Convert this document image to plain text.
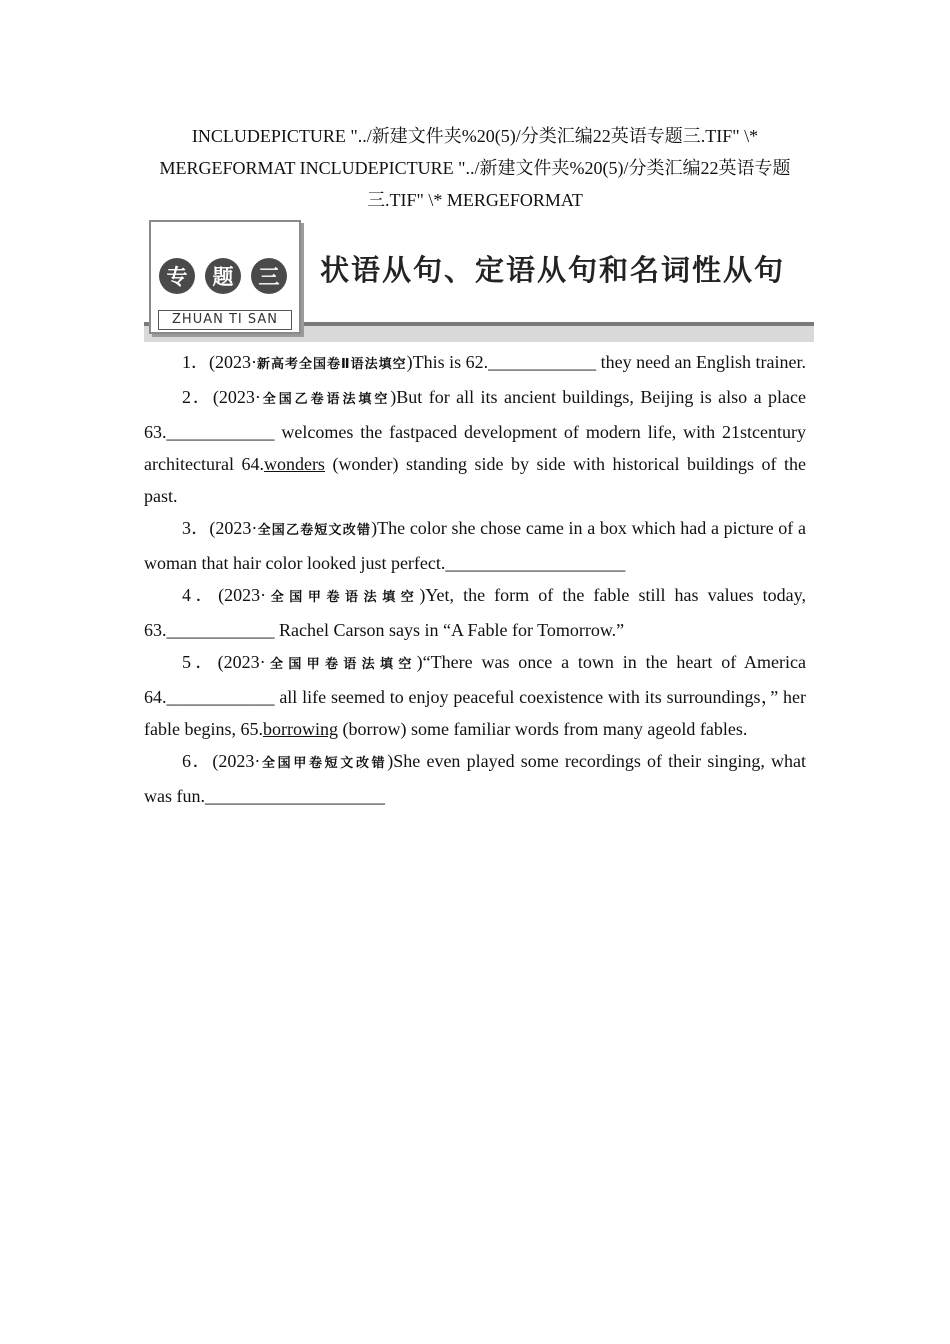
INCLUDEPICTURE "../新建文件夹%20(5)/分类汇编22英语专题三.TIF" \* MERGEFORMAT INCLUDEPICTURE "../新建文件夹%20(5)/分类汇编22英语专题三.TIF" \* MERGEFORMAT
专	题	三
ZHUAN TI SAN
状语从句、定语从句和名词性从句

1．(2023·新高考全国卷Ⅱ语法填空)This is 62.____________ they need an English trainer.

2．(2023·全国乙卷语法填空)But for all its ancient buildings, Beijing is also a place 63.____________ welcomes the fastpaced development of modern life, with 21stcentury architectural 64.wonders (wonder) standing side by side with historical buildings of the past.

3．(2023·全国乙卷短文改错)The color she chose came in a box which had a picture of a woman that hair color looked just perfect.____________________

4．(2023·全国甲卷语法填空)Yet, the form of the fable still has values today, 63.____________ Rachel Carson says in “A Fable for Tomorrow.”

5．(2023·全国甲卷语法填空)“There was once a town in the heart of America 64.____________ all life seemed to enjoy peaceful coexistence with its surroundings，” her fable begins, 65.borrowing (borrow) some familiar words from many ageold fables.

6．(2023·全国甲卷短文改错)She even played some recordings of their singing, what was fun.____________________
